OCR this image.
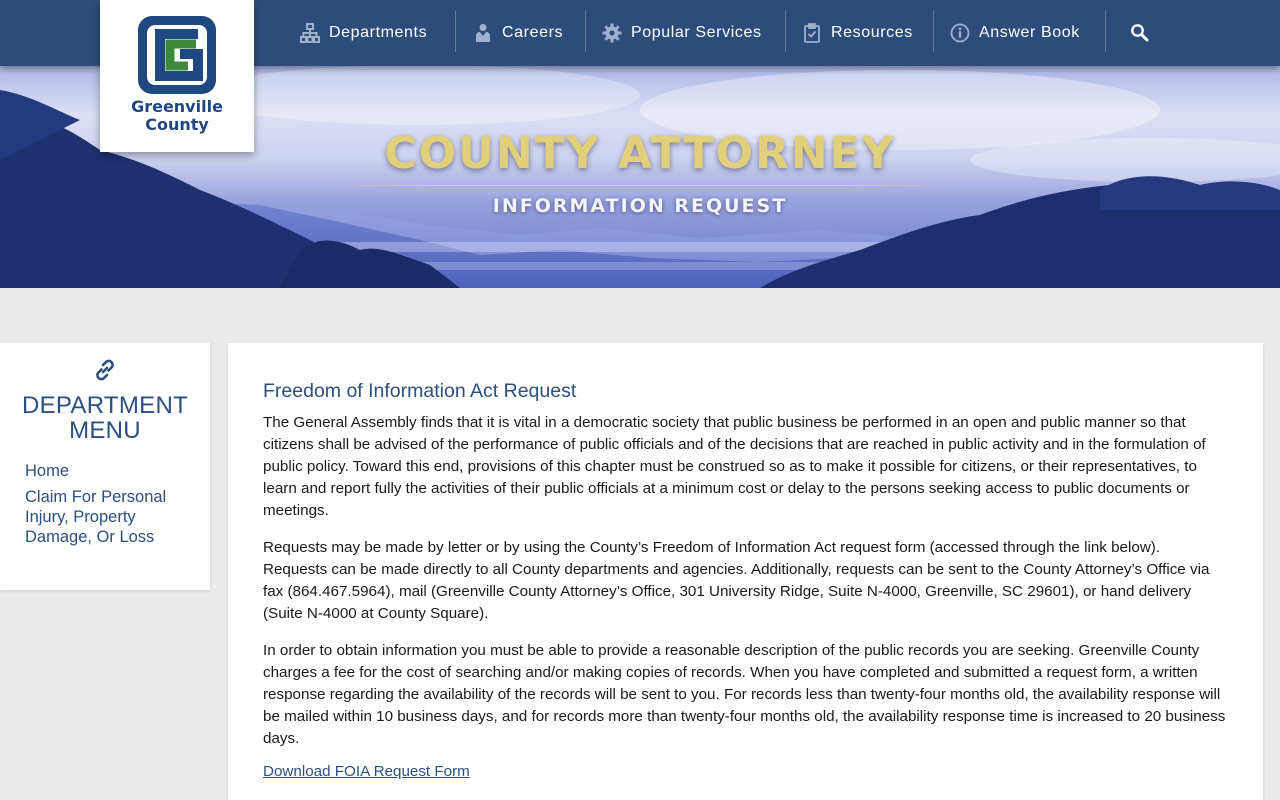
COUNTY ATTORNEY
INFORMATION REQUEST
Departments	Careers	Popular Services	Resources	Answer Book
Greenville
County
DEPARTMENT
MENU
Home
Claim For Personal Injury, Property Damage, Or Loss
Freedom of Information Act Request

The General Assembly finds that it is vital in a democratic society that public business be performed in an open and public manner so that citizens shall be advised of the performance of public officials and of the decisions that are reached in public activity and in the formulation of public policy. Toward this end, provisions of this chapter must be construed so as to make it possible for citizens, or their representatives, to learn and report fully the activities of their public officials at a minimum cost or delay to the persons seeking access to public documents or meetings.

Requests may be made by letter or by using the County’s Freedom of Information Act request form (accessed through the link below). Requests can be made directly to all County departments and agencies. Additionally, requests can be sent to the County Attorney’s Office via fax (864.467.5964), mail (Greenville County Attorney’s Office, 301 University Ridge, Suite N-4000, Greenville, SC 29601), or hand delivery (Suite N-4000 at County Square).

In order to obtain information you must be able to provide a reasonable description of the public records you are seeking. Greenville County charges a fee for the cost of searching and/or making copies of records. When you have completed and submitted a request form, a written response regarding the availability of the records will be sent to you. For records less than twenty-four months old, the availability response will be mailed within 10 business days, and for records more than twenty-four months old, the availability response time is increased to 20 business days.

Download FOIA Request Form
